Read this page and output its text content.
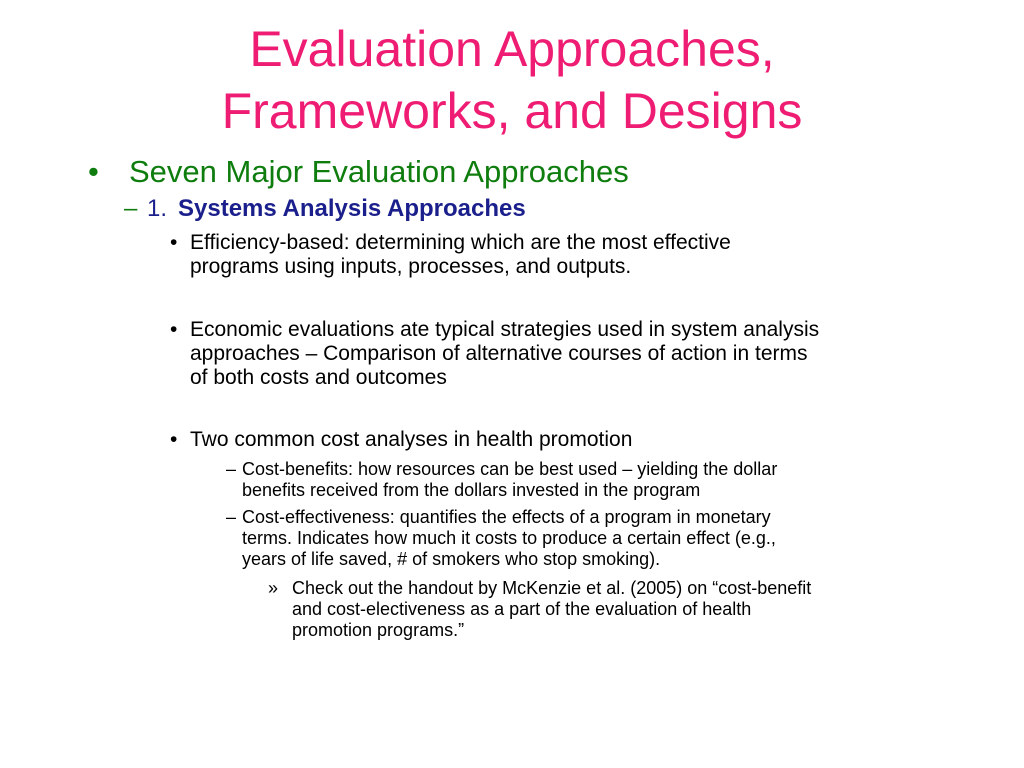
Evaluation Approaches,
Frameworks, and Designs
• Seven Major Evaluation Approaches
– 1. Systems Analysis Approaches
• Efficiency-based: determining which are the most effective
programs using inputs, processes, and outputs.
• Economic evaluations ate typical strategies used in system analysis
approaches – Comparison of alternative courses of action in terms
of both costs and outcomes
• Two common cost analyses in health promotion
– Cost-benefits: how resources can be best used – yielding the dollar
benefits received from the dollars invested in the program
– Cost-effectiveness: quantifies the effects of a program in monetary
terms. Indicates how much it costs to produce a certain effect (e.g.,
years of life saved, # of smokers who stop smoking).
» Check out the handout by McKenzie et al. (2005) on “cost-benefit
and cost-electiveness as a part of the evaluation of health
promotion programs.”
